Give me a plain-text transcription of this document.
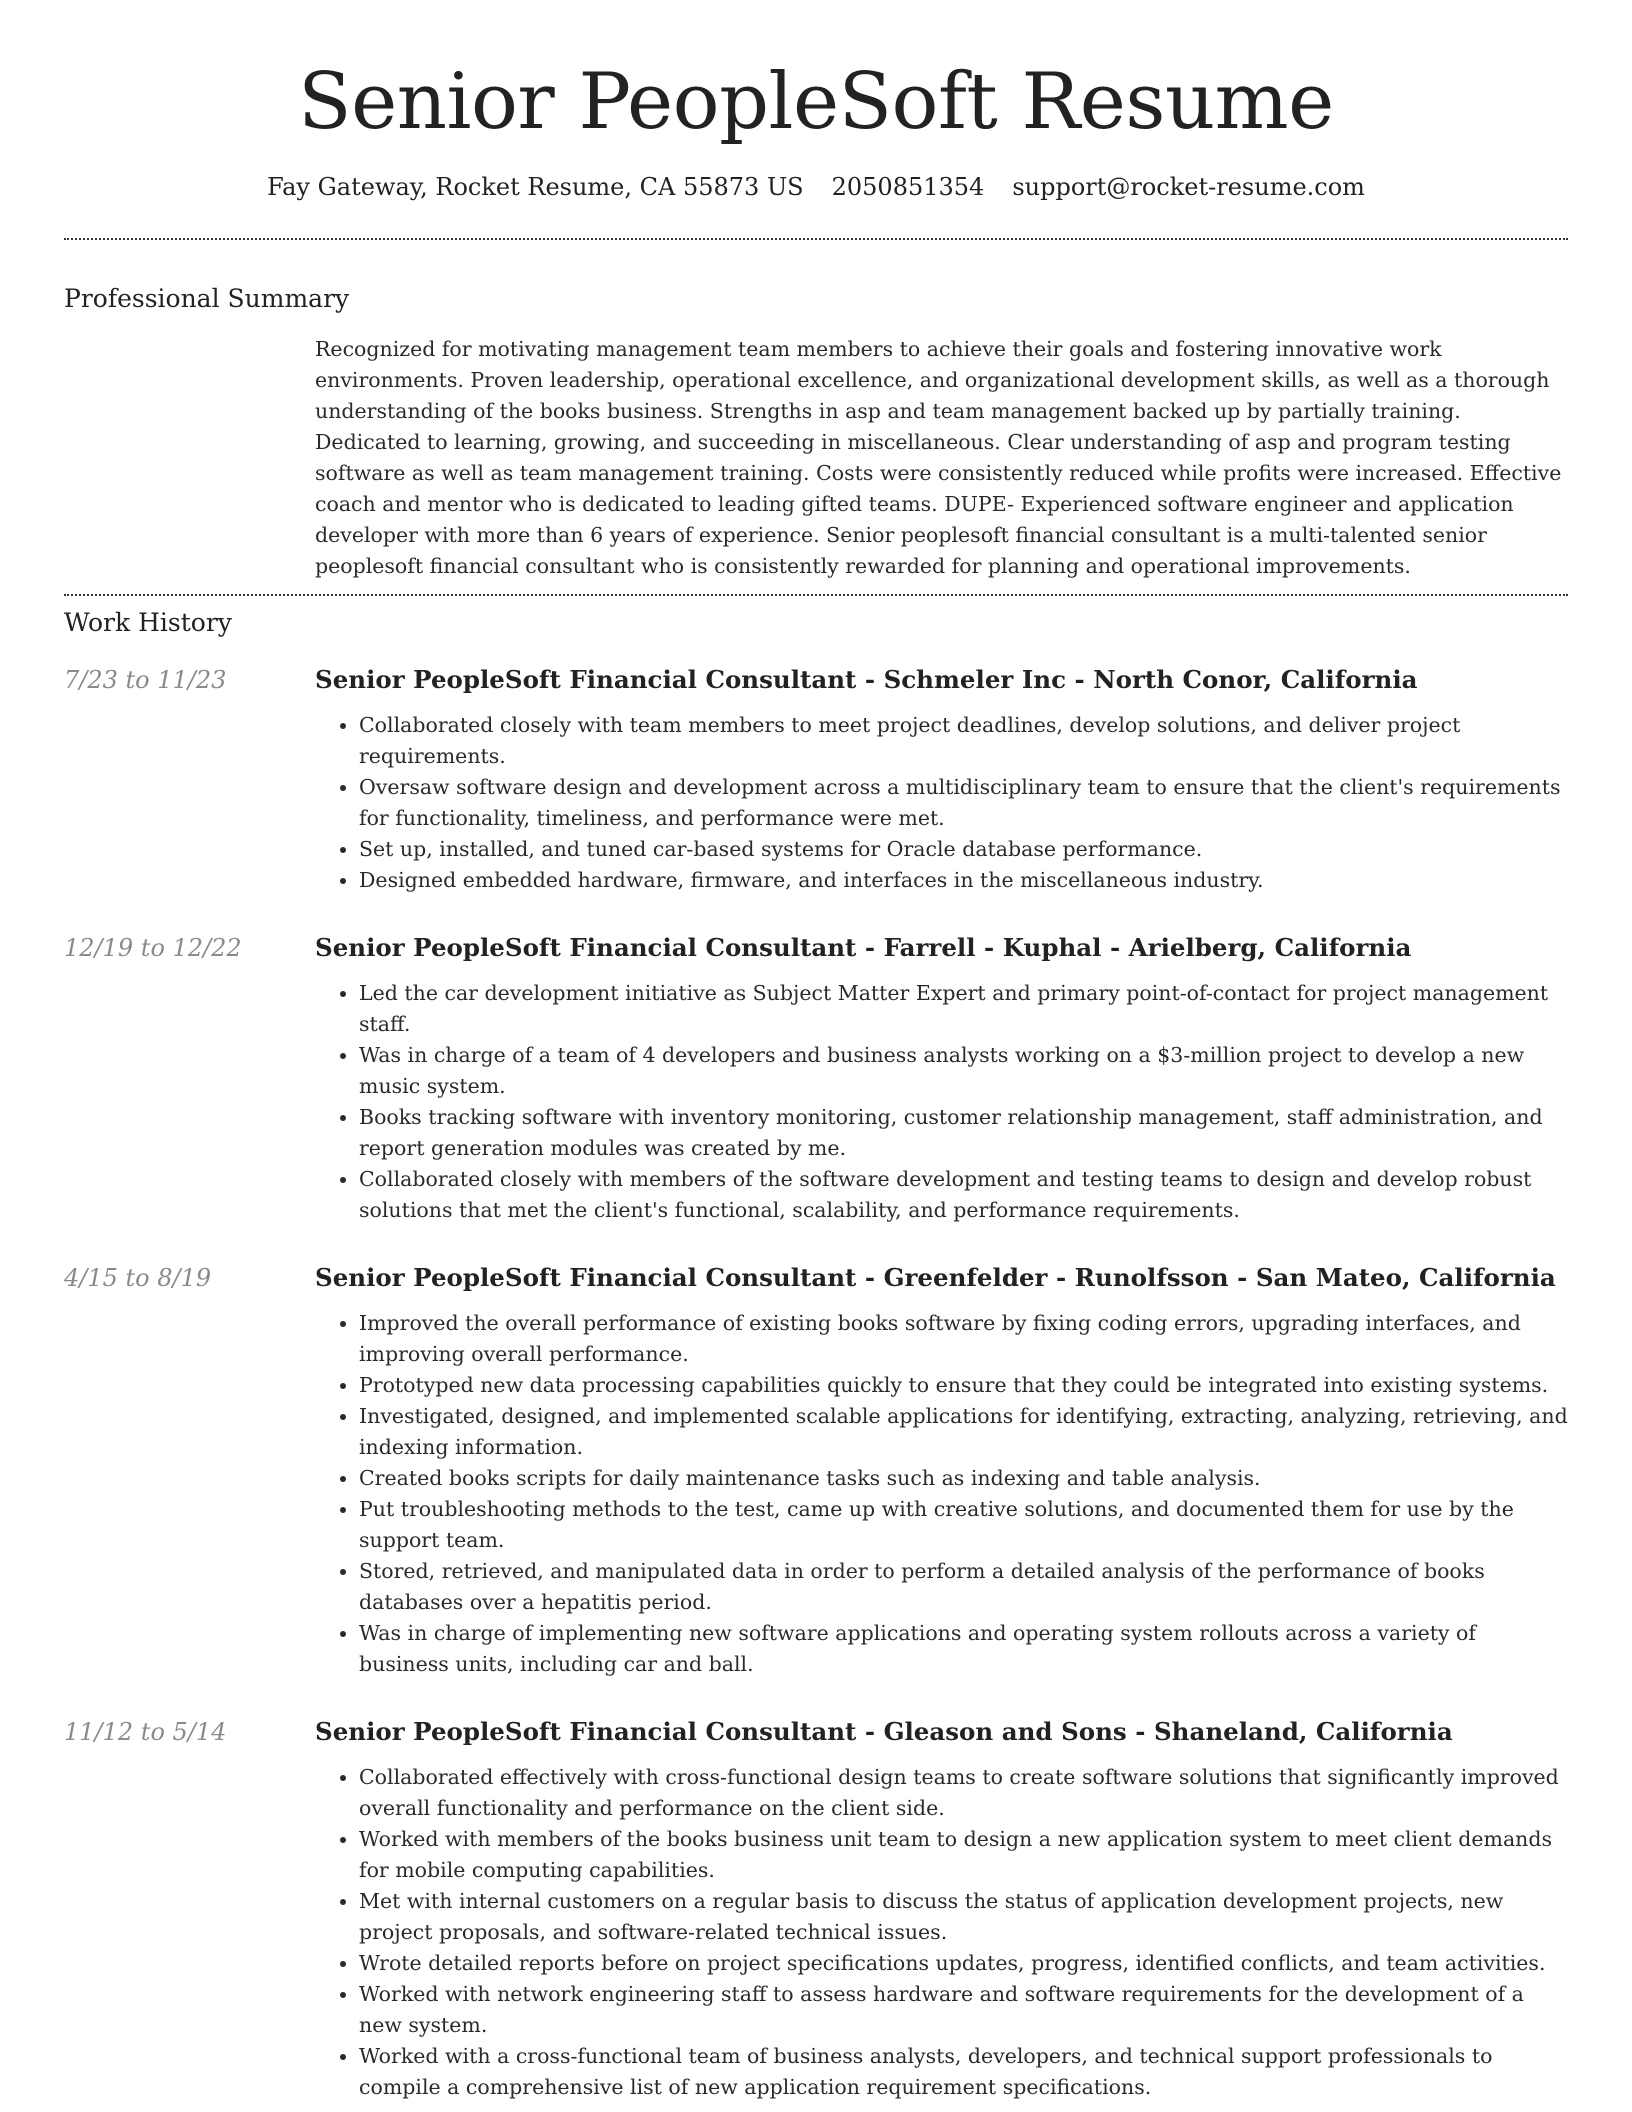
Senior PeopleSoft Resume
Fay Gateway, Rocket Resume, CA 55873 US 2050851354 support@rocket-resume.com
Professional Summary

Recognized for motivating management team members to achieve their goals and fostering innovative work environments. Proven leadership, operational excellence, and organizational development skills, as well as a thorough understanding of the books business. Strengths in asp and team management backed up by partially training. Dedicated to learning, growing, and succeeding in miscellaneous. Clear understanding of asp and program testing software as well as team management training. Costs were consistently reduced while profits were increased. Effective coach and mentor who is dedicated to leading gifted teams. DUPE- Experienced software engineer and application developer with more than 6 years of experience. Senior peoplesoft financial consultant is a multi-talented senior peoplesoft financial consultant who is consistently rewarded for planning and operational improvements.

Work History
7/23 to 11/23	Senior PeopleSoft Financial Consultant - Schmeler Inc - North Conor, California
• Collaborated closely with team members to meet project deadlines, develop solutions, and deliver project requirements.
• Oversaw software design and development across a multidisciplinary team to ensure that the client's requirements for functionality, timeliness, and performance were met.
• Set up, installed, and tuned car-based systems for Oracle database performance.
• Designed embedded hardware, firmware, and interfaces in the miscellaneous industry.
12/19 to 12/22	Senior PeopleSoft Financial Consultant - Farrell - Kuphal - Arielberg, California
• Led the car development initiative as Subject Matter Expert and primary point-of-contact for project management staff.
• Was in charge of a team of 4 developers and business analysts working on a $3-million project to develop a new music system.
• Books tracking software with inventory monitoring, customer relationship management, staff administration, and report generation modules was created by me.
• Collaborated closely with members of the software development and testing teams to design and develop robust solutions that met the client's functional, scalability, and performance requirements.
4/15 to 8/19	Senior PeopleSoft Financial Consultant - Greenfelder - Runolfsson - San Mateo, California
• Improved the overall performance of existing books software by fixing coding errors, upgrading interfaces, and improving overall performance.
• Prototyped new data processing capabilities quickly to ensure that they could be integrated into existing systems.
• Investigated, designed, and implemented scalable applications for identifying, extracting, analyzing, retrieving, and indexing information.
• Created books scripts for daily maintenance tasks such as indexing and table analysis.
• Put troubleshooting methods to the test, came up with creative solutions, and documented them for use by the support team.
• Stored, retrieved, and manipulated data in order to perform a detailed analysis of the performance of books databases over a hepatitis period.
• Was in charge of implementing new software applications and operating system rollouts across a variety of business units, including car and ball.
11/12 to 5/14	Senior PeopleSoft Financial Consultant - Gleason and Sons - Shaneland, California
• Collaborated effectively with cross-functional design teams to create software solutions that significantly improved overall functionality and performance on the client side.
• Worked with members of the books business unit team to design a new application system to meet client demands for mobile computing capabilities.
• Met with internal customers on a regular basis to discuss the status of application development projects, new project proposals, and software-related technical issues.
• Wrote detailed reports before on project specifications updates, progress, identified conflicts, and team activities.
• Worked with network engineering staff to assess hardware and software requirements for the development of a new system.
• Worked with a cross-functional team of business analysts, developers, and technical support professionals to compile a comprehensive list of new application requirement specifications.
